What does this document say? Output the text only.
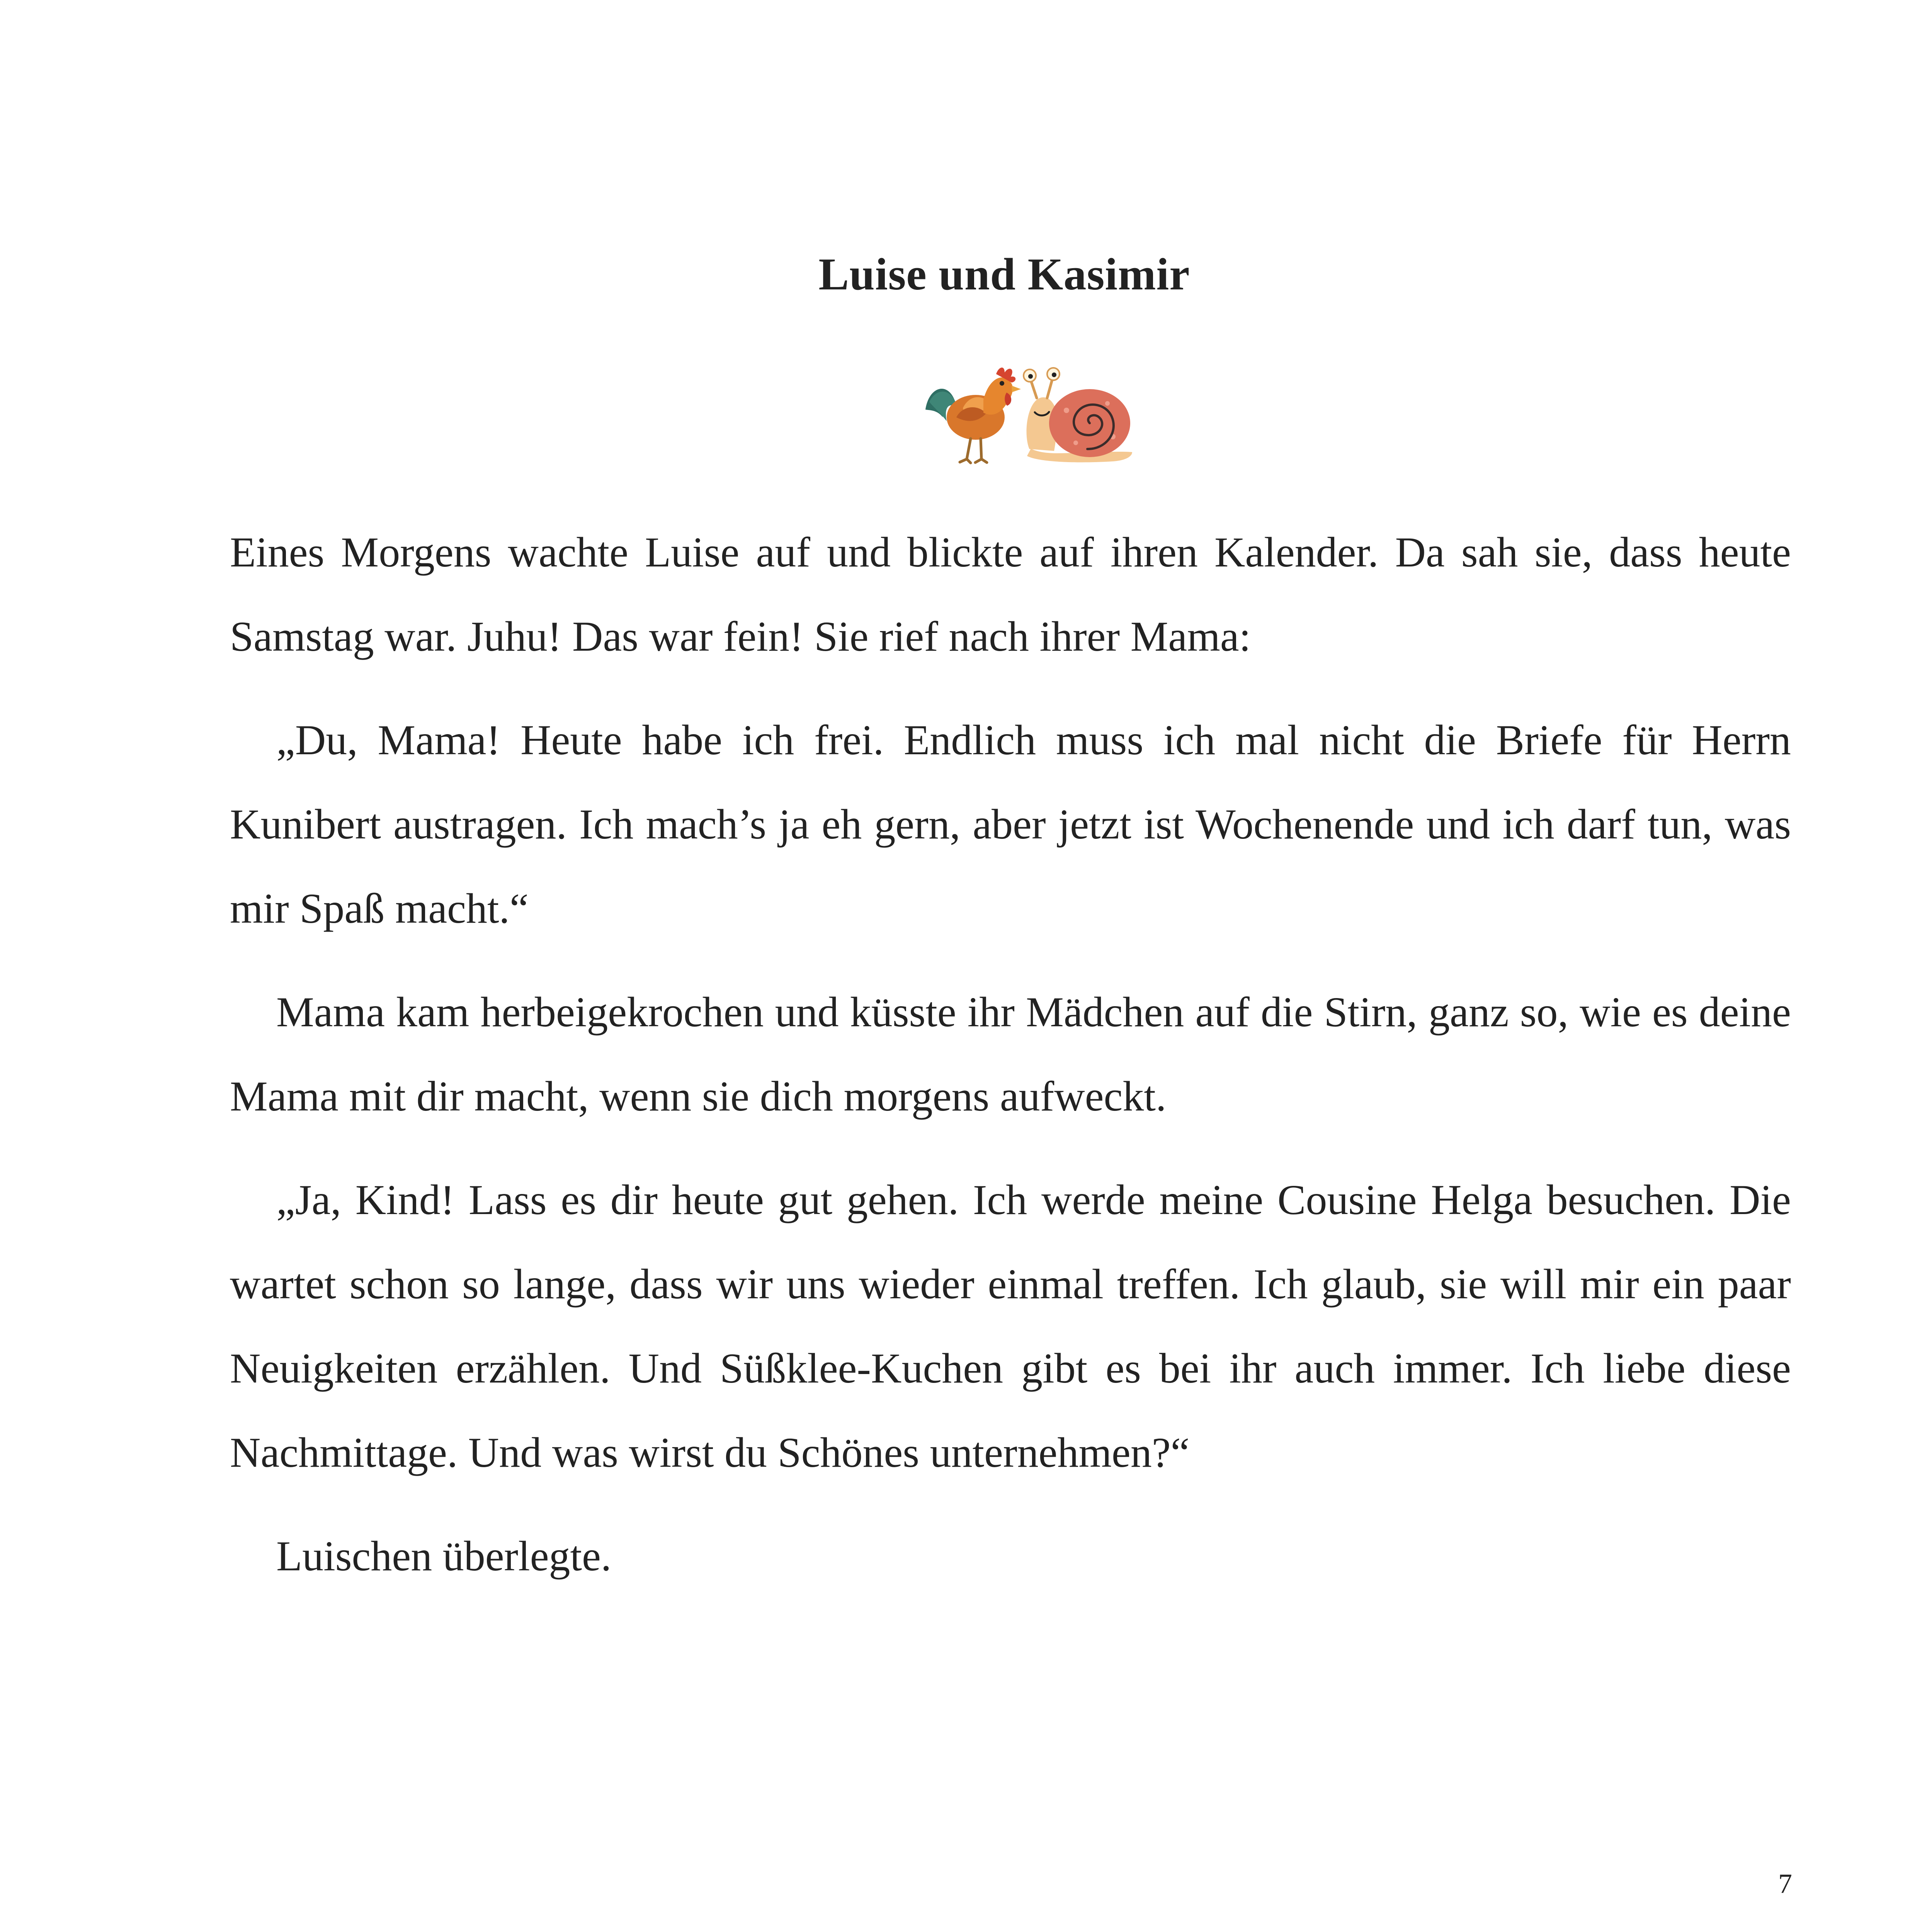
Luise und Kasimir

Eines Morgens wachte Luise auf und blickte auf ihren Kalender. Da sah sie, dass heute Samstag war. Juhu! Das war fein! Sie rief nach ihrer Mama:

„Du, Mama! Heute habe ich frei. Endlich muss ich mal nicht die Briefe für Herrn Kunibert austragen. Ich mach’s ja eh gern, aber jetzt ist Wochenende und ich darf tun, was mir Spaß macht.“

Mama kam herbeigekrochen und küsste ihr Mädchen auf die Stirn, ganz so, wie es deine Mama mit dir macht, wenn sie dich morgens aufweckt.

„Ja, Kind! Lass es dir heute gut gehen. Ich werde meine Cousine Helga besuchen. Die wartet schon so lange, dass wir uns wieder einmal treffen. Ich glaub, sie will mir ein paar Neuigkeiten erzählen. Und Süßklee-Kuchen gibt es bei ihr auch immer. Ich liebe diese Nachmittage. Und was wirst du Schönes unternehmen?“

Luischen überlegte.

7
